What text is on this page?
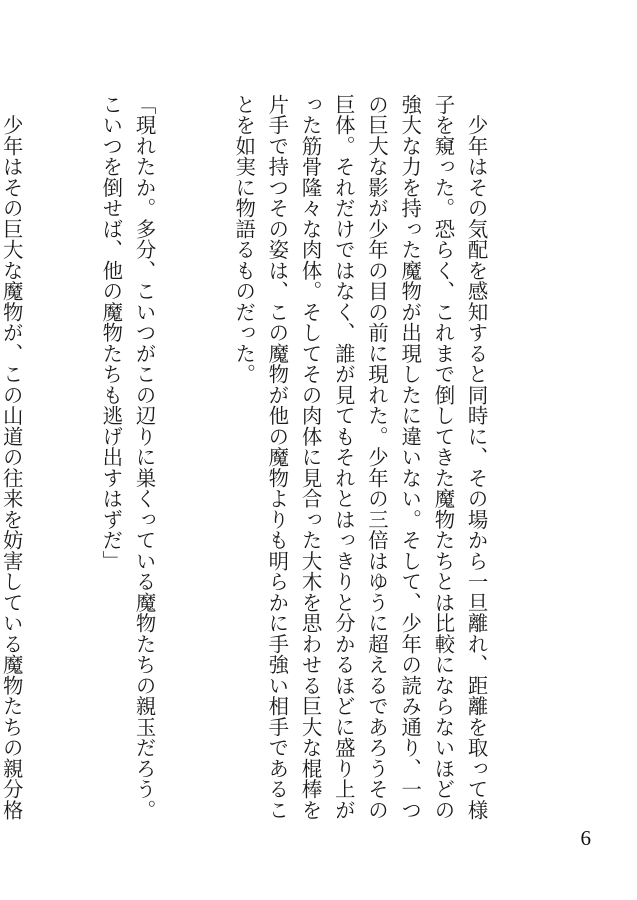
　少年はその気配を感知すると同時に、その場から一旦離れ、距離を取って様子を窺った。恐らく、これまで倒してきた魔物たちとは比較にならないほどの強大な力を持った魔物が出現したに違いない。そして、少年の読み通り、一つの巨大な影が少年の目の前に現れた。少年の三倍はゆうに超えるであろうその巨体。それだけではなく、誰が見てもそれとはっきりと分かるほどに盛り上がった筋骨隆々な肉体。そしてその肉体に見合った大木を思わせる巨大な棍棒を片手で持つその姿は、この魔物が他の魔物よりも明らかに手強い相手であることを如実に物語るものだった。

「現れたか。多分、こいつがこの辺りに巣くっている魔物たちの親玉だろう。こいつを倒せば、他の魔物たちも逃げ出すはずだ」

　少年はその巨大な魔物が、この山道の往来を妨害している魔物たちの親分格

6
